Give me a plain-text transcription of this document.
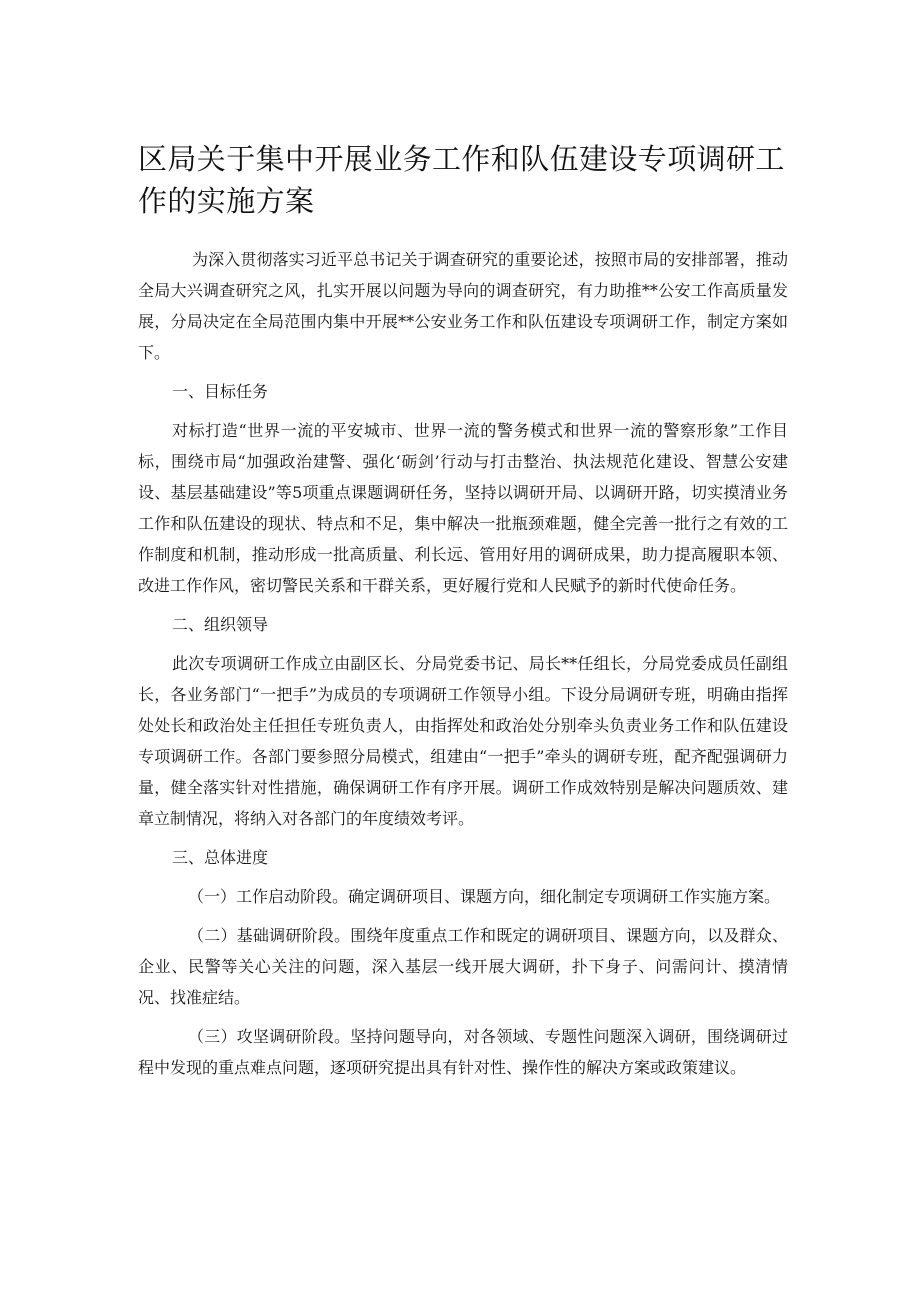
区局关于集中开展业务工作和队伍建设专项调研工作的实施方案

为深入贯彻落实习近平总书记关于调查研究的重要论述，按照市局的安排部署，推动全局大兴调查研究之风，扎实开展以问题为导向的调查研究，有力助推**公安工作高质量发展，分局决定在全局范围内集中开展**公安业务工作和队伍建设专项调研工作，制定方案如下。

一、目标任务

对标打造“世界一流的平安城市、世界一流的警务模式和世界一流的警察形象”工作目标，围绕市局“加强政治建警、强化‘砺剑’行动与打击整治、执法规范化建设、智慧公安建设、基层基础建设”等5项重点课题调研任务，坚持以调研开局、以调研开路，切实摸清业务工作和队伍建设的现状、特点和不足，集中解决一批瓶颈难题，健全完善一批行之有效的工作制度和机制，推动形成一批高质量、利长远、管用好用的调研成果，助力提高履职本领、改进工作作风，密切警民关系和干群关系，更好履行党和人民赋予的新时代使命任务。

二、组织领导

此次专项调研工作成立由副区长、分局党委书记、局长**任组长，分局党委成员任副组长，各业务部门“一把手”为成员的专项调研工作领导小组。下设分局调研专班，明确由指挥处处长和政治处主任担任专班负责人，由指挥处和政治处分别牵头负责业务工作和队伍建设专项调研工作。各部门要参照分局模式，组建由“一把手”牵头的调研专班，配齐配强调研力量，健全落实针对性措施，确保调研工作有序开展。调研工作成效特别是解决问题质效、建章立制情况，将纳入对各部门的年度绩效考评。

三、总体进度

（一）工作启动阶段。确定调研项目、课题方向，细化制定专项调研工作实施方案。

（二）基础调研阶段。围绕年度重点工作和既定的调研项目、课题方向，以及群众、企业、民警等关心关注的问题，深入基层一线开展大调研，扑下身子、问需问计、摸清情况、找准症结。

（三）攻坚调研阶段。坚持问题导向，对各领域、专题性问题深入调研，围绕调研过程中发现的重点难点问题，逐项研究提出具有针对性、操作性的解决方案或政策建议。
